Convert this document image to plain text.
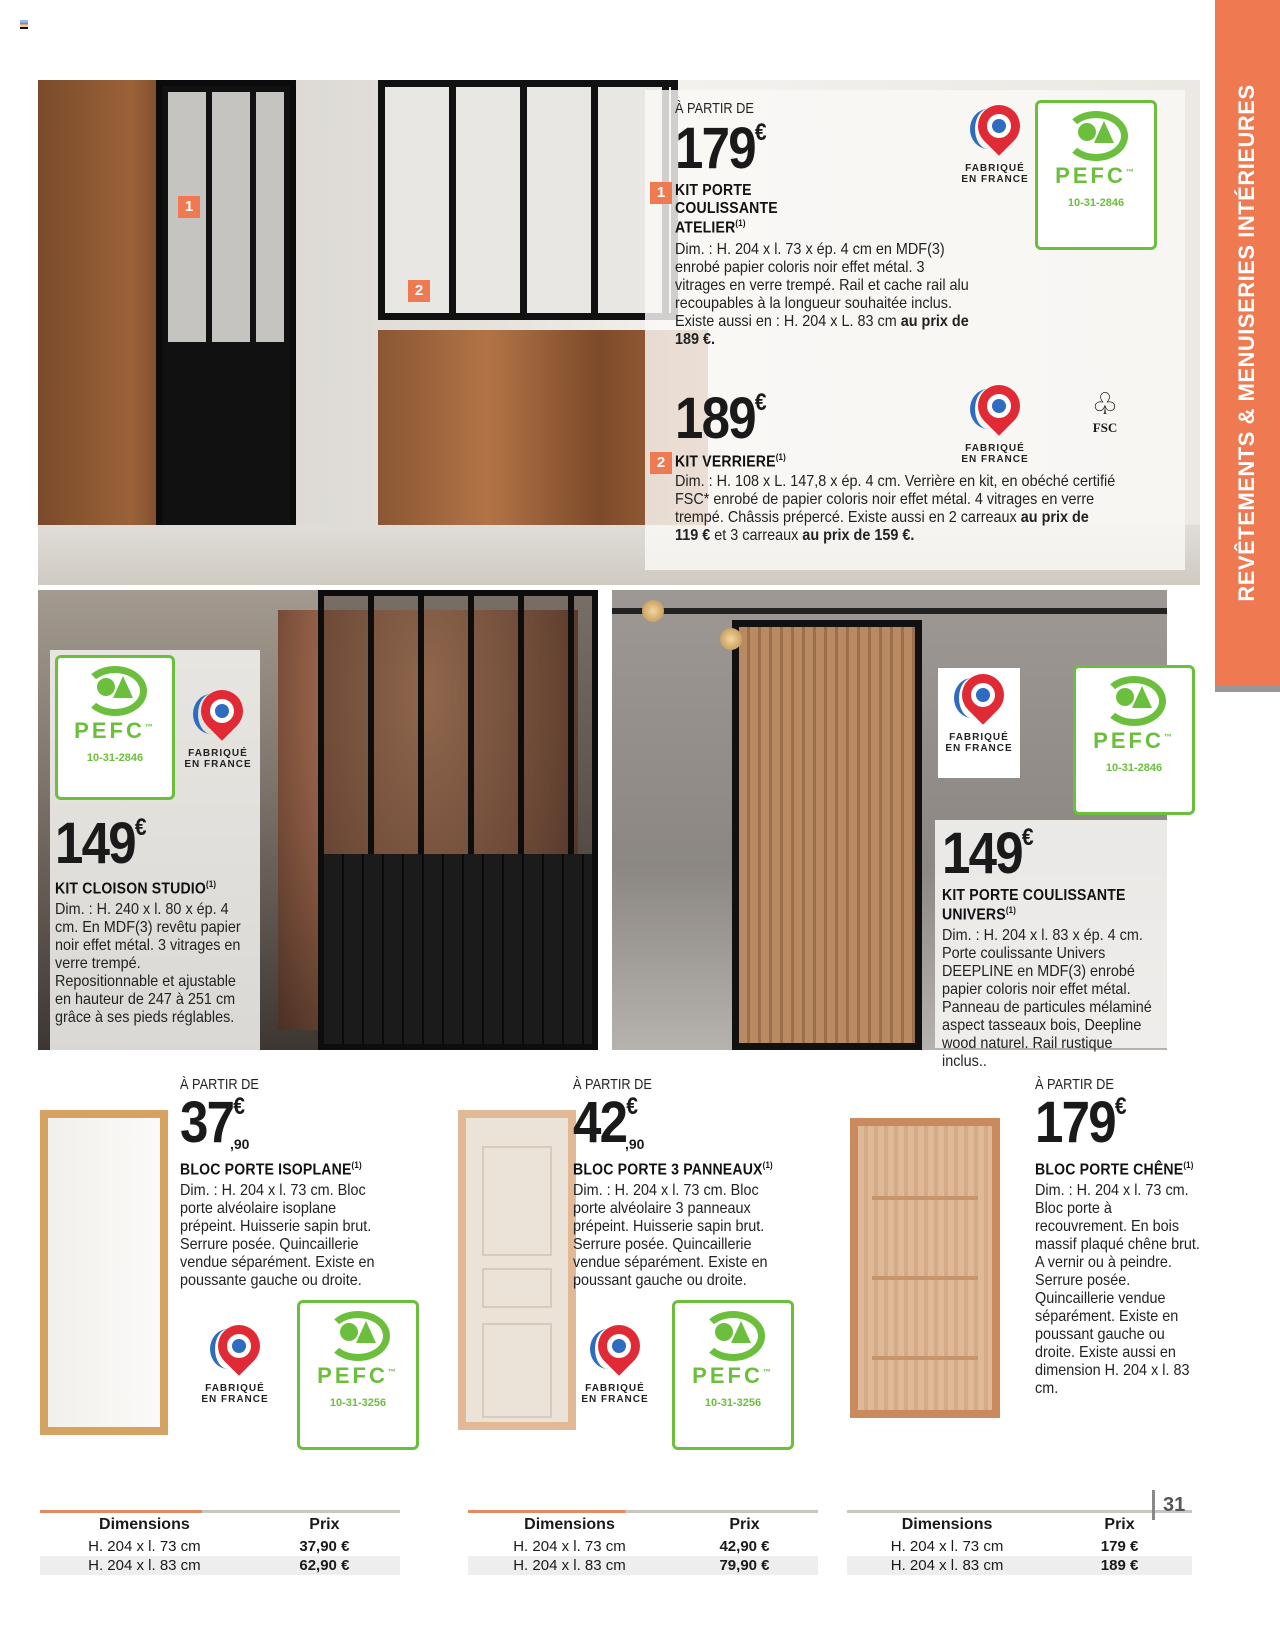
REVÊTEMENTS & MENUISERIES INTÉRIEURES
1
2
À PARTIR DE
179€
1 KIT PORTE COULISSANTE ATELIER$^{(1)}$
Dim. : H. 204 x l. 73 x ép. 4 cm en MDF(3) enrobé papier coloris noir effet métal. 3 vitrages en verre trempé. Rail et cache rail alu recoupables à la longueur souhaitée inclus. Existe aussi en : H. 204 x L. 83 cm au prix de 189 €.
FABRIQUÉ
EN FRANCE	PEFC™
10-31-2846
189€
2 KIT VERRIERE$^{(1)}$
Dim. : H. 108 x L. 147,8 x ép. 4 cm. Verrière en kit, en obéché certifié FSC* enrobé de papier coloris noir effet métal. 4 vitrages en verre trempé. Châssis prépercé. Existe aussi en 2 carreaux au prix de 119 € et 3 carreaux au prix de 159 €.
FABRIQUÉ
EN FRANCE
♧
FSC
PEFC™
10-31-2846	FABRIQUÉ
EN FRANCE
149€
KIT CLOISON STUDIO$^{(1)}$
Dim. : H. 240 x l. 80 x ép. 4 cm. En MDF(3) revêtu papier noir effet métal. 3 vitrages en verre trempé. Repositionnable et ajustable en hauteur de 247 à 251 cm grâce à ses pieds réglables.
FABRIQUÉ
EN FRANCE	PEFC™
10-31-2846
149€
KIT PORTE COULISSANTE
UNIVERS$^{(1)}$
Dim. : H. 204 x l. 83 x ép. 4 cm. Porte coulissante Univers DEEPLINE en MDF(3) enrobé papier coloris noir effet métal. Panneau de particules mélaminé aspect tasseaux bois, Deepline wood naturel. Rail rustique inclus..
À PARTIR DE
37€
,90
BLOC PORTE ISOPLANE$^{(1)}$
Dim. : H. 204 x l. 73 cm. Bloc porte alvéolaire isoplane prépeint. Huisserie sapin brut. Serrure posée. Quincaillerie vendue séparément. Existe en poussante gauche ou droite.
FABRIQUÉ
EN FRANCE
PEFC™
10-31-3256
Dimensions	Prix
H. 204 x l. 73 cm	37,90 €
H. 204 x l. 83 cm	62,90 €
À PARTIR DE
42€
,90
BLOC PORTE 3 PANNEAUX$^{(1)}$
Dim. : H. 204 x l. 73 cm. Bloc porte alvéolaire 3 panneaux prépeint. Huisserie sapin brut. Serrure posée. Quincaillerie vendue séparément. Existe en poussant gauche ou droite.
FABRIQUÉ
EN FRANCE
PEFC™
10-31-3256
Dimensions	Prix
H. 204 x l. 73 cm	42,90 €
H. 204 x l. 83 cm	79,90 €
À PARTIR DE
179€
BLOC PORTE CHÊNE$^{(1)}$
Dim. : H. 204 x l. 73 cm. Bloc porte à recouvrement. En bois massif plaqué chêne brut. A vernir ou à peindre. Serrure posée. Quincaillerie vendue séparément. Existe en poussant gauche ou droite. Existe aussi en dimension H. 204 x l. 83 cm.
Dimensions	Prix
H. 204 x l. 73 cm	179 €
H. 204 x l. 83 cm	189 €
31
